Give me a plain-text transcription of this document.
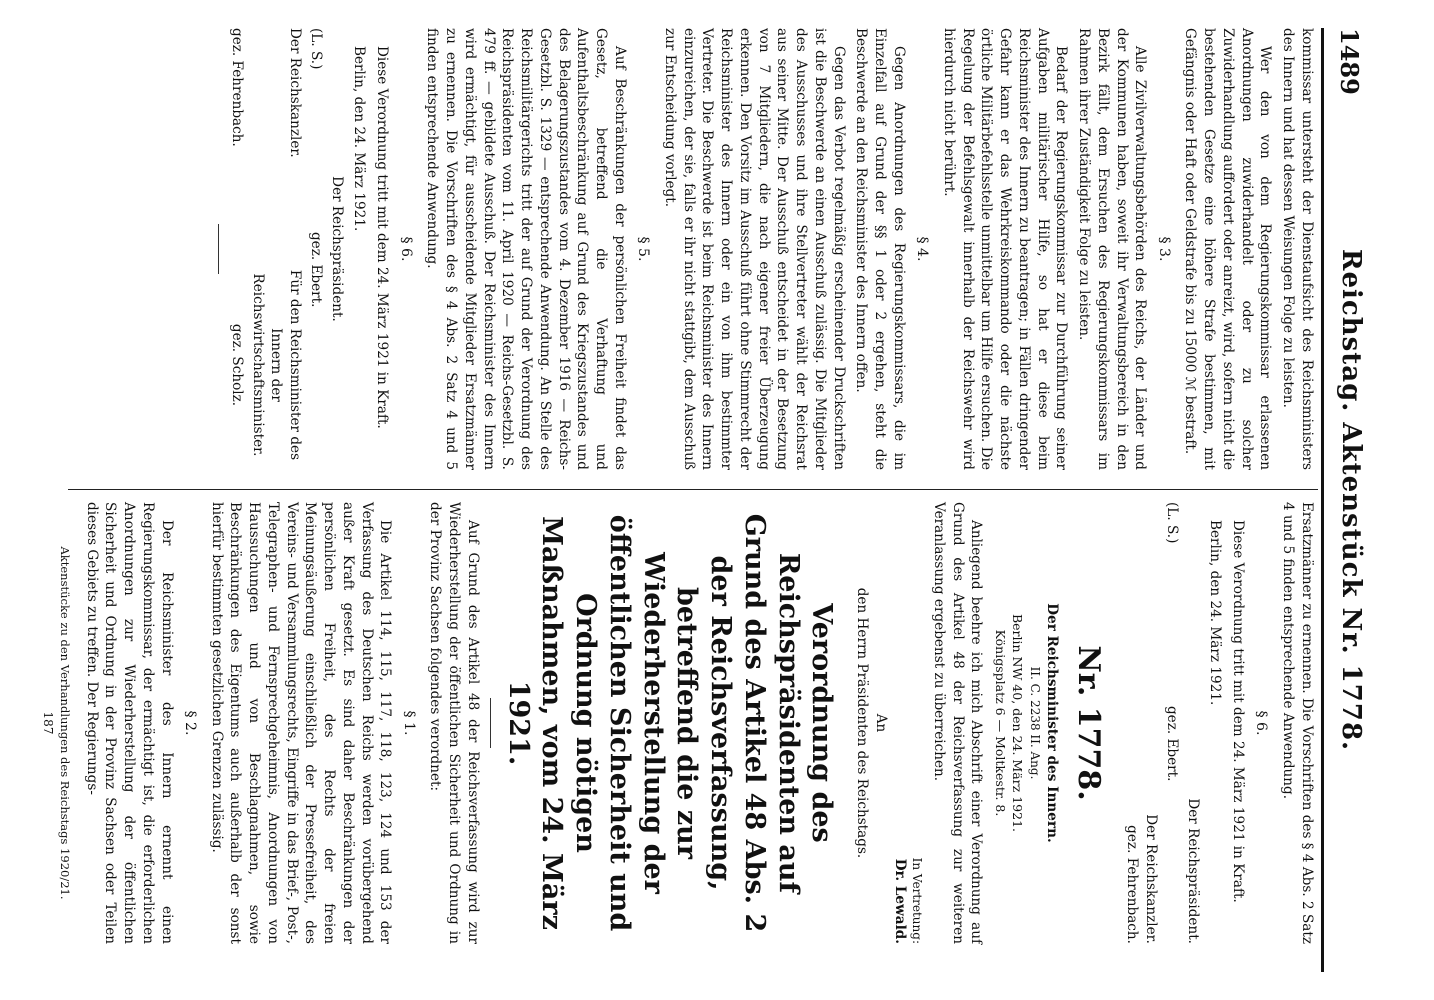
1489
Reichstag. Aktenstück Nr. 1778.

kommissar untersteht der Dienstaufsicht des Reichsministers des Innern und hat dessen Weisungen Folge zu leisten.

Wer den von dem Regierungskommissar erlassenen Anordnungen zuwiderhandelt oder zu solcher Zuwiderhandlung auffordert oder anreizt, wird, sofern nicht die bestehenden Gesetze eine höhere Strafe bestimmen, mit Gefängnis oder Haft oder Geldstrafe bis zu 15000 ℳ bestraft.

§ 3.

Alle Zivilverwaltungsbehörden des Reichs, der Länder und der Kommunen haben, soweit ihr Verwaltungsbereich in den Bezirk fällt, dem Ersuchen des Regierungskommissars im Rahmen ihrer Zuständigkeit Folge zu leisten.

Bedarf der Regierungskommissar zur Durchführung seiner Aufgaben militärischer Hilfe, so hat er diese beim Reichsminister des Innern zu beantragen; in Fällen dringender Gefahr kann er das Wehrkreiskommando oder die nächste örtliche Militärbefehlsstelle unmittelbar um Hilfe ersuchen. Die Regelung der Befehlsgewalt innerhalb der Reichswehr wird hierdurch nicht berührt.

§ 4.

Gegen Anordnungen des Regierungskommissars, die im Einzelfall auf Grund der §§ 1 oder 2 ergehen, steht die Beschwerde an den Reichsminister des Innern offen.

Gegen das Verbot regelmäßig erscheinender Druckschriften ist die Beschwerde an einen Ausschuß zulässig. Die Mitglieder des Ausschusses und ihre Stellvertreter wählt der Reichsrat aus seiner Mitte. Der Ausschuß entscheidet in der Besetzung von 7 Mitgliedern, die nach eigener freier Überzeugung erkennen. Den Vorsitz im Ausschuß führt ohne Stimmrecht der Reichsminister des Innern oder ein von ihm bestimmter Vertreter. Die Beschwerde ist beim Reichsminister des Innern einzureichen, der sie, falls er ihr nicht stattgibt, dem Ausschuß zur Entscheidung vorlegt.

§ 5.

Auf Beschränkungen der persönlichen Freiheit findet das Gesetz, betreffend die Verhaftung und Aufenthaltsbeschränkung auf Grund des Kriegszustandes und des Belagerungszustandes vom 4. Dezember 1916 — Reichs-Gesetzbl. S. 1329 — entsprechende Anwendung. An Stelle des Reichsmilitärgerichts tritt der auf Grund der Verordnung des Reichspräsidenten vom 11. April 1920 — Reichs-Gesetzbl. S. 479 ff. — gebildete Ausschuß. Der Reichsminister des Innern wird ermächtigt, für ausscheidende Mitglieder Ersatzmänner zu ernennen. Die Vorschriften des § 4 Abs. 2 Satz 4 und 5 finden entsprechende Anwendung.

§ 6.

Diese Verordnung tritt mit dem 24. März 1921 in Kraft.

Berlin, den 24. März 1921.

Der Reichspräsident.
(L. S.)
gez. Ebert.
Der Reichskanzler.
Für den Reichsminister des Innern der Reichswirtschaftsminister.
gez. Fehrenbach.
gez. Scholz.

Ersatzmänner zu ernennen. Die Vorschriften des § 4 Abs. 2 Satz 4 und 5 finden entsprechende Anwendung.

§ 6.

Diese Verordnung tritt mit dem 24. März 1921 in Kraft.

Berlin, den 24. März 1921.

Der Reichspräsident.
(L. S.)
gez. Ebert.
Der Reichskanzler.
gez. Fehrenbach.
Nr. 1778.
Der Reichsminister des Innern.
II. C. 2238 II. Ang.
Berlin NW 40, den 24. März 1921.
Königsplatz 6 — Moltkestr. 8.

Anliegend beehre ich mich Abschrift einer Verordnung auf Grund des Artikel 48 der Reichsverfassung zur weiteren Veranlassung ergebenst zu überreichen.

In Vertretung:
Dr. Lewald.
An
den Herrn Präsidenten des Reichstags.
Verordnung des Reichspräsidenten auf Grund des Artikel 48 Abs. 2 der Reichsverfassung, betreffend die zur Wiederherstellung der öffentlichen Sicherheit und Ordnung nötigen Maßnahmen, vom 24. März 1921.

Auf Grund des Artikel 48 der Reichsverfassung wird zur Wiederherstellung der öffentlichen Sicherheit und Ordnung in der Provinz Sachsen folgendes verordnet:

§ 1.

Die Artikel 114, 115, 117, 118, 123, 124 und 153 der Verfassung des Deutschen Reichs werden vorübergehend außer Kraft gesetzt. Es sind daher Beschränkungen der persönlichen Freiheit, des Rechts der freien Meinungsäußerung einschließlich der Pressefreiheit, des Vereins- und Versammlungsrechts, Eingriffe in das Brief-, Post-, Telegraphen- und Fernsprechgeheimnis, Anordnungen von Haussuchungen und von Beschlagnahmen, sowie Beschränkungen des Eigentums auch außerhalb der sonst hierfür bestimmten gesetzlichen Grenzen zulässig.

§ 2.

Der Reichsminister des Innern ernennt einen Regierungskommissar, der ermächtigt ist, die erforderlichen Anordnungen zur Wiederherstellung der öffentlichen Sicherheit und Ordnung in der Provinz Sachsen oder Teilen dieses Gebiets zu treffen. Der Regierungs-

Aktenstücke zu den Verhandlungen des Reichstags 1920/21.
187
